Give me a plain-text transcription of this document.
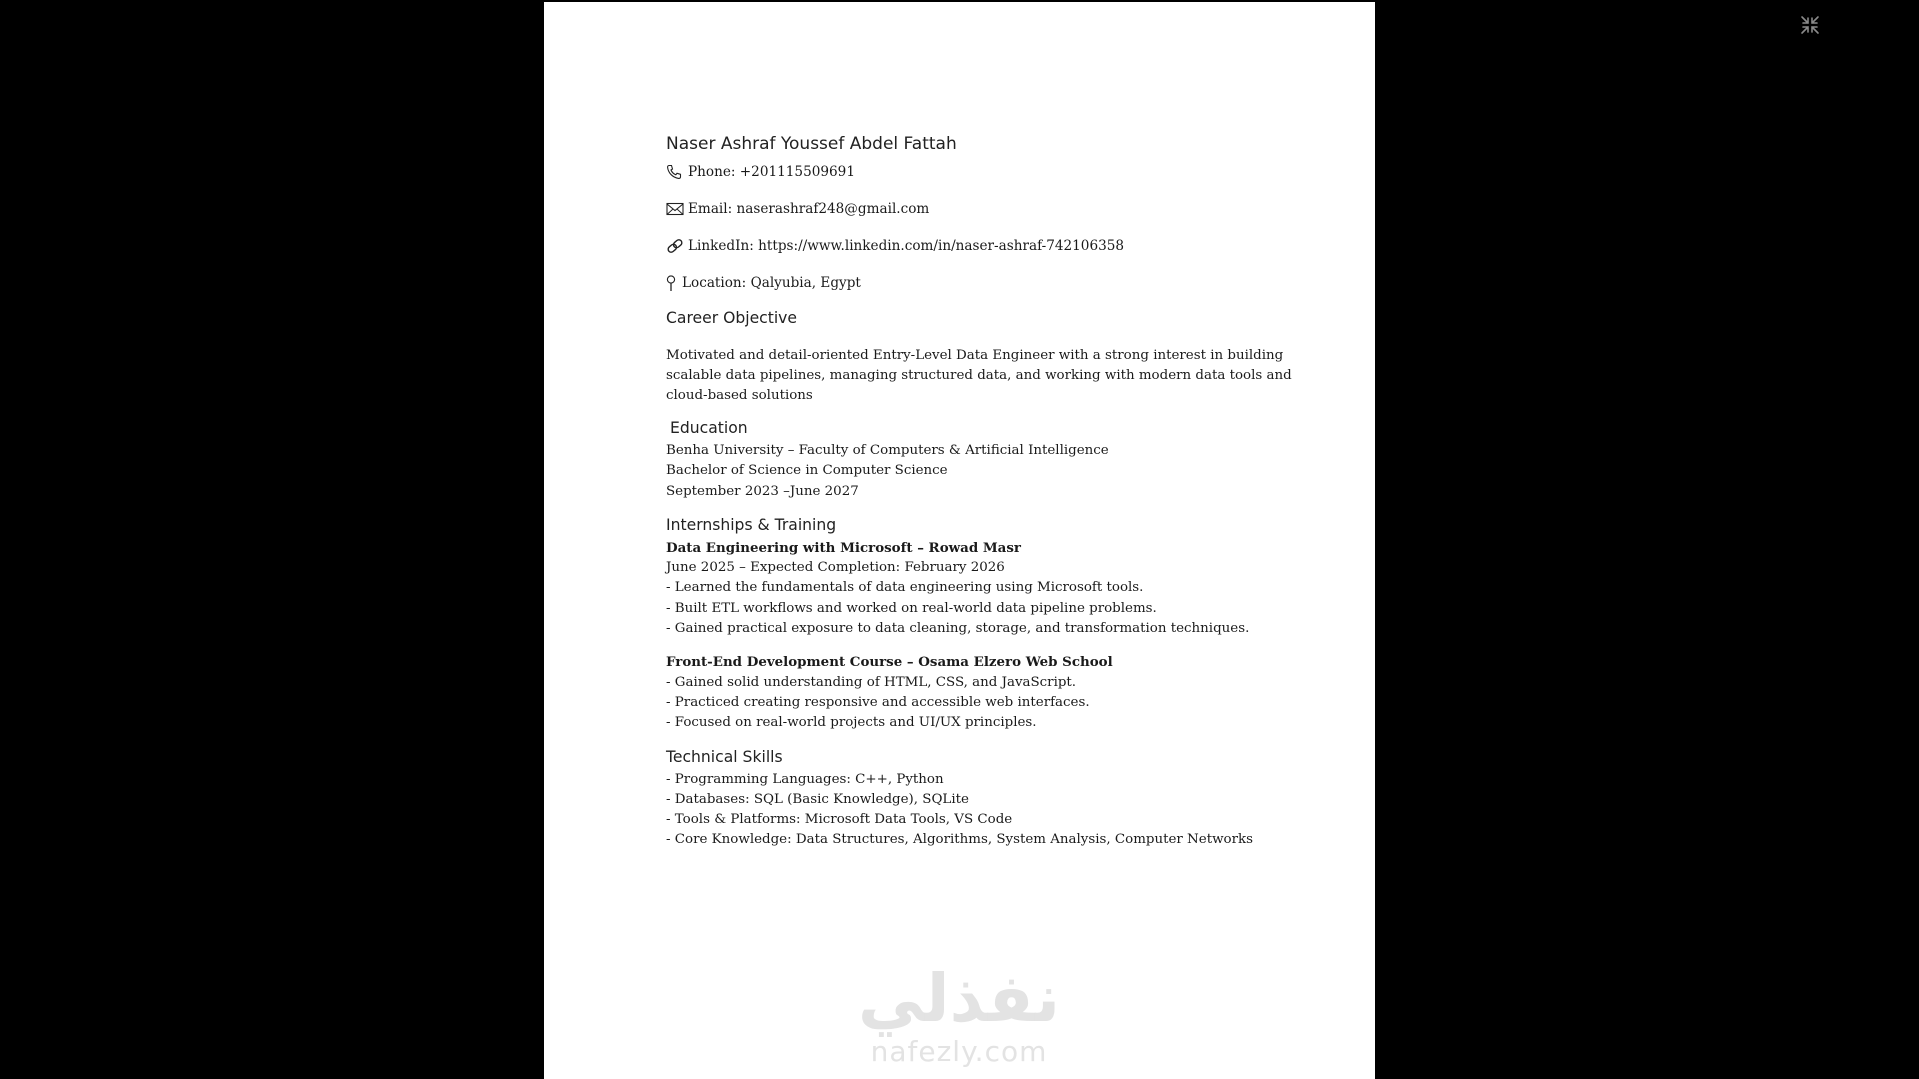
Naser Ashraf Youssef Abdel Fattah
Phone: +201115509691
Email: naserashraf248@gmail.com
LinkedIn: https://www.linkedin.com/in/naser-ashraf-742106358
Location: Qalyubia, Egypt
Career Objective
Motivated and detail-oriented Entry-Level Data Engineer with a strong interest in building
scalable data pipelines, managing structured data, and working with modern data tools and
cloud-based solutions
Education
Benha University – Faculty of Computers & Artificial Intelligence
Bachelor of Science in Computer Science
September 2023 –June 2027
Internships & Training
Data Engineering with Microsoft – Rowad Masr
June 2025 – Expected Completion: February 2026
- Learned the fundamentals of data engineering using Microsoft tools.
- Built ETL workflows and worked on real-world data pipeline problems.
- Gained practical exposure to data cleaning, storage, and transformation techniques.
Front-End Development Course – Osama Elzero Web School
- Gained solid understanding of HTML, CSS, and JavaScript.
- Practiced creating responsive and accessible web interfaces.
- Focused on real-world projects and UI/UX principles.
Technical Skills
- Programming Languages: C++, Python
- Databases: SQL (Basic Knowledge), SQLite
- Tools & Platforms: Microsoft Data Tools, VS Code
- Core Knowledge: Data Structures, Algorithms, System Analysis, Computer Networks
نفذلي
nafezly.com
